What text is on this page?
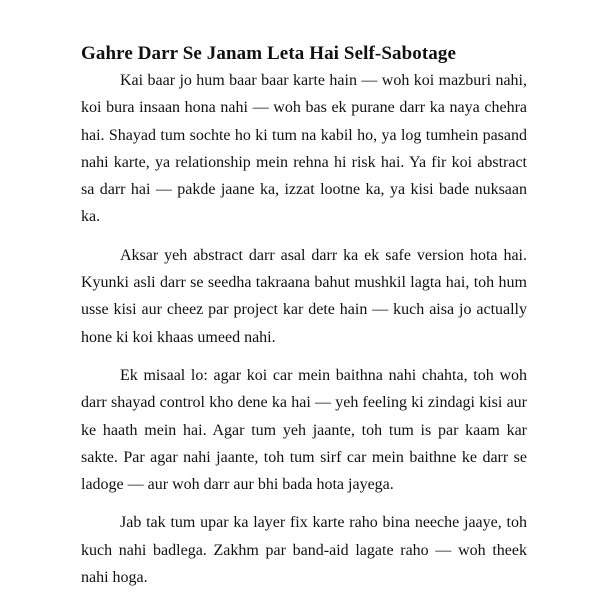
Gahre Darr Se Janam Leta Hai Self-Sabotage

Kai baar jo hum baar baar karte hain — woh koi mazburi nahi, koi bura insaan hona nahi — woh bas ek purane darr ka naya chehra hai. Shayad tum sochte ho ki tum na kabil ho, ya log tumhein pasand nahi karte, ya relationship mein rehna hi risk hai. Ya fir koi abstract sa darr hai — pakde jaane ka, izzat lootne ka, ya kisi bade nuksaan ka.

Aksar yeh abstract darr asal darr ka ek safe version hota hai. Kyunki asli darr se seedha takraana bahut mushkil lagta hai, toh hum usse kisi aur cheez par project kar dete hain — kuch aisa jo actually hone ki koi khaas umeed nahi.

Ek misaal lo: agar koi car mein baithna nahi chahta, toh woh darr shayad control kho dene ka hai — yeh feeling ki zindagi kisi aur ke haath mein hai. Agar tum yeh jaante, toh tum is par kaam kar sakte. Par agar nahi jaante, toh tum sirf car mein baithne ke darr se ladoge — aur woh darr aur bhi bada hota jayega.

Jab tak tum upar ka layer fix karte raho bina neeche jaaye, toh kuch nahi badlega. Zakhm par band-aid lagate raho — woh theek nahi hoga.
